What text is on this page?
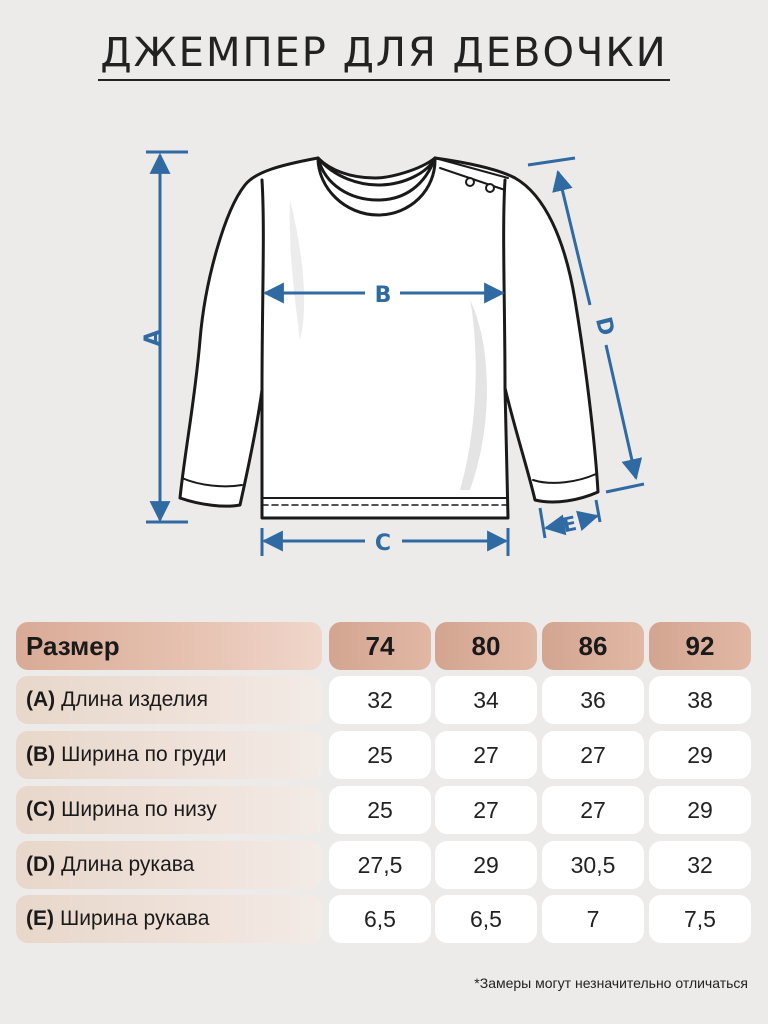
ДЖЕМПЕР ДЛЯ ДЕВОЧКИ
A
B
C
D
E
Размер	74	80	86	92
(A) Длина изделия	32	34	36	38
(B) Ширина по груди	25	27	27	29
(C) Ширина по низу	25	27	27	29
(D) Длина рукава	27,5	29	30,5	32
(E) Ширина рукава	6,5	6,5	7	7,5
*Замеры могут незначительно отличаться
